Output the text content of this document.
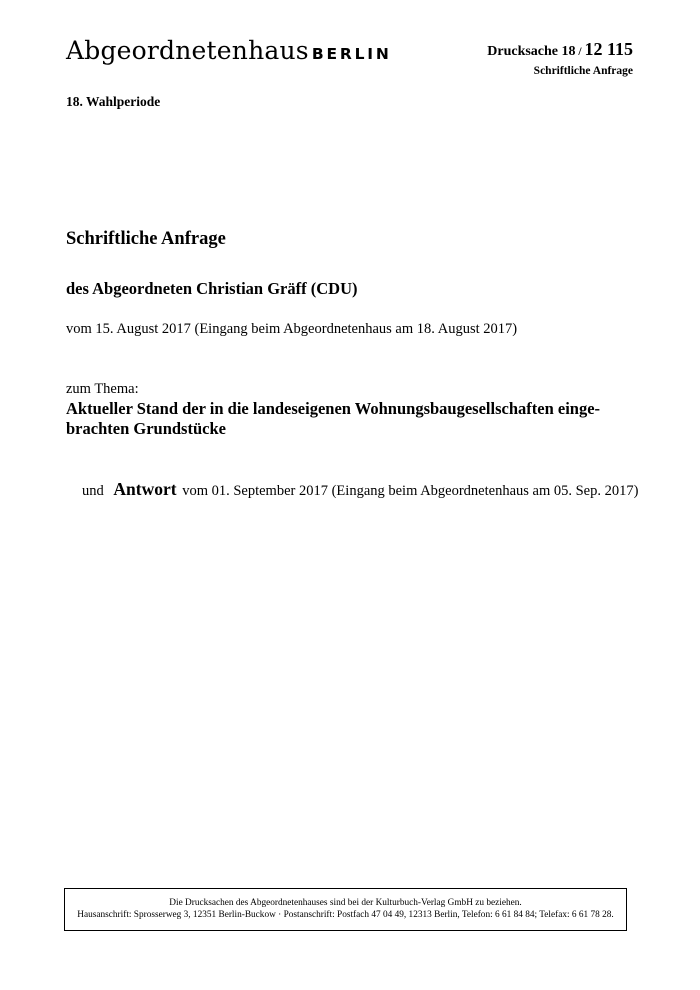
Abgeordnetenhaus BERLIN	Drucksache 18 / 12 115
Schriftliche Anfrage
18. Wahlperiode
Schriftliche Anfrage
des Abgeordneten Christian Gräff (CDU)
vom 15. August 2017 (Eingang beim Abgeordnetenhaus am 18. August 2017)
zum Thema:
Aktueller Stand der in die landeseigenen Wohnungsbaugesellschaften einge-
brachten Grundstücke
und Antwort vom 01. September 2017 (Eingang beim Abgeordnetenhaus am 05. Sep. 2017)
Die Drucksachen des Abgeordnetenhauses sind bei der Kulturbuch-Verlag GmbH zu beziehen.
Hausanschrift: Sprosserweg 3, 12351 Berlin-Buckow · Postanschrift: Postfach 47 04 49, 12313 Berlin, Telefon: 6 61 84 84; Telefax: 6 61 78 28.
